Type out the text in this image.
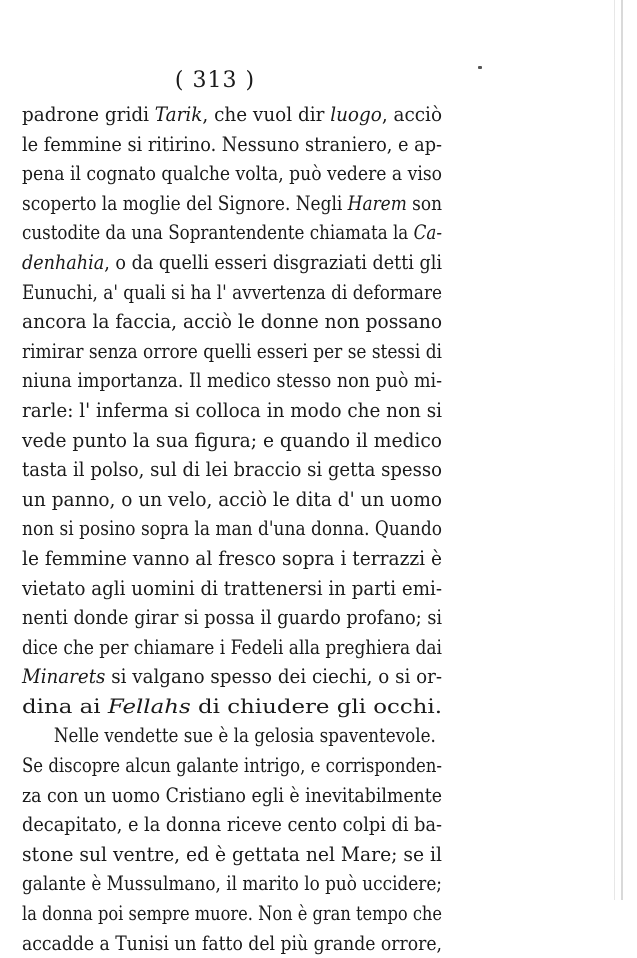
( 313 )
padrone gridi Tarik, che vuol dir luogo, acciò
le femmine si ritirino. Nessuno straniero, e ap-
pena il cognato qualche volta, può vedere a viso
scoperto la moglie del Signore. Negli Harem son
custodite da una Soprantendente chiamata la Ca-
denhahia, o da quelli esseri disgraziati detti gli
Eunuchi, a' quali si ha l' avvertenza di deformare
ancora la faccia, acciò le donne non possano
rimirar senza orrore quelli esseri per se stessi di
niuna importanza. Il medico stesso non può mi-
rarle: l' inferma si colloca in modo che non si
vede punto la sua figura; e quando il medico
tasta il polso, sul di lei braccio si getta spesso
un panno, o un velo, acciò le dita d' un uomo
non si posino sopra la man d'una donna. Quando
le femmine vanno al fresco sopra i terrazzi è
vietato agli uomini di trattenersi in parti emi-
nenti donde girar si possa il guardo profano; si
dice che per chiamare i Fedeli alla preghiera dai
Minarets si valgano spesso dei ciechi, o si or-
dina ai Fellahs di chiudere gli occhi.
Nelle vendette sue è la gelosia spaventevole.
Se discopre alcun galante intrigo, e corrisponden-
za con un uomo Cristiano egli è inevitabilmente
decapitato, e la donna riceve cento colpi di ba-
stone sul ventre, ed è gettata nel Mare; se il
galante è Mussulmano, il marito lo può uccidere;
la donna poi sempre muore. Non è gran tempo che
accadde a Tunisi un fatto del più grande orrore,
